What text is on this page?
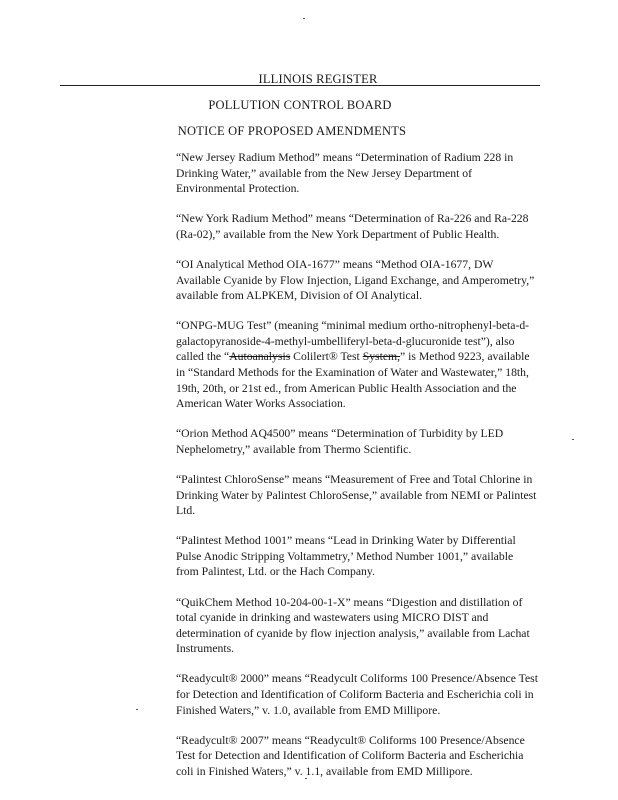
ILLINOIS REGISTER
POLLUTION CONTROL BOARD
NOTICE OF PROPOSED AMENDMENTS

“New Jersey Radium Method” means “Determination of Radium 228 in Drinking Water,” available from the New Jersey Department of Environmental Protection.

“New York Radium Method” means “Determination of Ra-226 and Ra-228 (Ra-02),” available from the New York Department of Public Health.

“OI Analytical Method OIA-1677” means “Method OIA-1677, DW Available Cyanide by Flow Injection, Ligand Exchange, and Amperometry,” available from ALPKEM, Division of OI Analytical.

“ONPG-MUG Test” (meaning “minimal medium ortho-nitrophenyl-beta-d-galactopyranoside-4-methyl-umbelliferyl-beta-d-glucuronide test”), also called the “Autoanalysis Colilert® Test System,” is Method 9223, available in “Standard Methods for the Examination of Water and Wastewater,” 18th, 19th, 20th, or 21st ed., from American Public Health Association and the American Water Works Association.

“Orion Method AQ4500” means “Determination of Turbidity by LED Nephelometry,” available from Thermo Scientific.

“Palintest ChloroSense” means “Measurement of Free and Total Chlorine in Drinking Water by Palintest ChloroSense,” available from NEMI or Palintest Ltd.

“Palintest Method 1001” means “Lead in Drinking Water by Differential Pulse Anodic Stripping Voltammetry,’ Method Number 1001,” available from Palintest, Ltd. or the Hach Company.

“QuikChem Method 10-204-00-1-X” means “Digestion and distillation of total cyanide in drinking and wastewaters using MICRO DIST and determination of cyanide by flow injection analysis,” available from Lachat Instruments.

“Readycult® 2000” means “Readycult Coliforms 100 Presence/Absence Test for Detection and Identification of Coliform Bacteria and Escherichia coli in Finished Waters,” v. 1.0, available from EMD Millipore.

“Readycult® 2007” means “Readycult® Coliforms 100 Presence/Absence Test for Detection and Identification of Coliform Bacteria and Escherichia coli in Finished Waters,” v. 1.1, available from EMD Millipore.
